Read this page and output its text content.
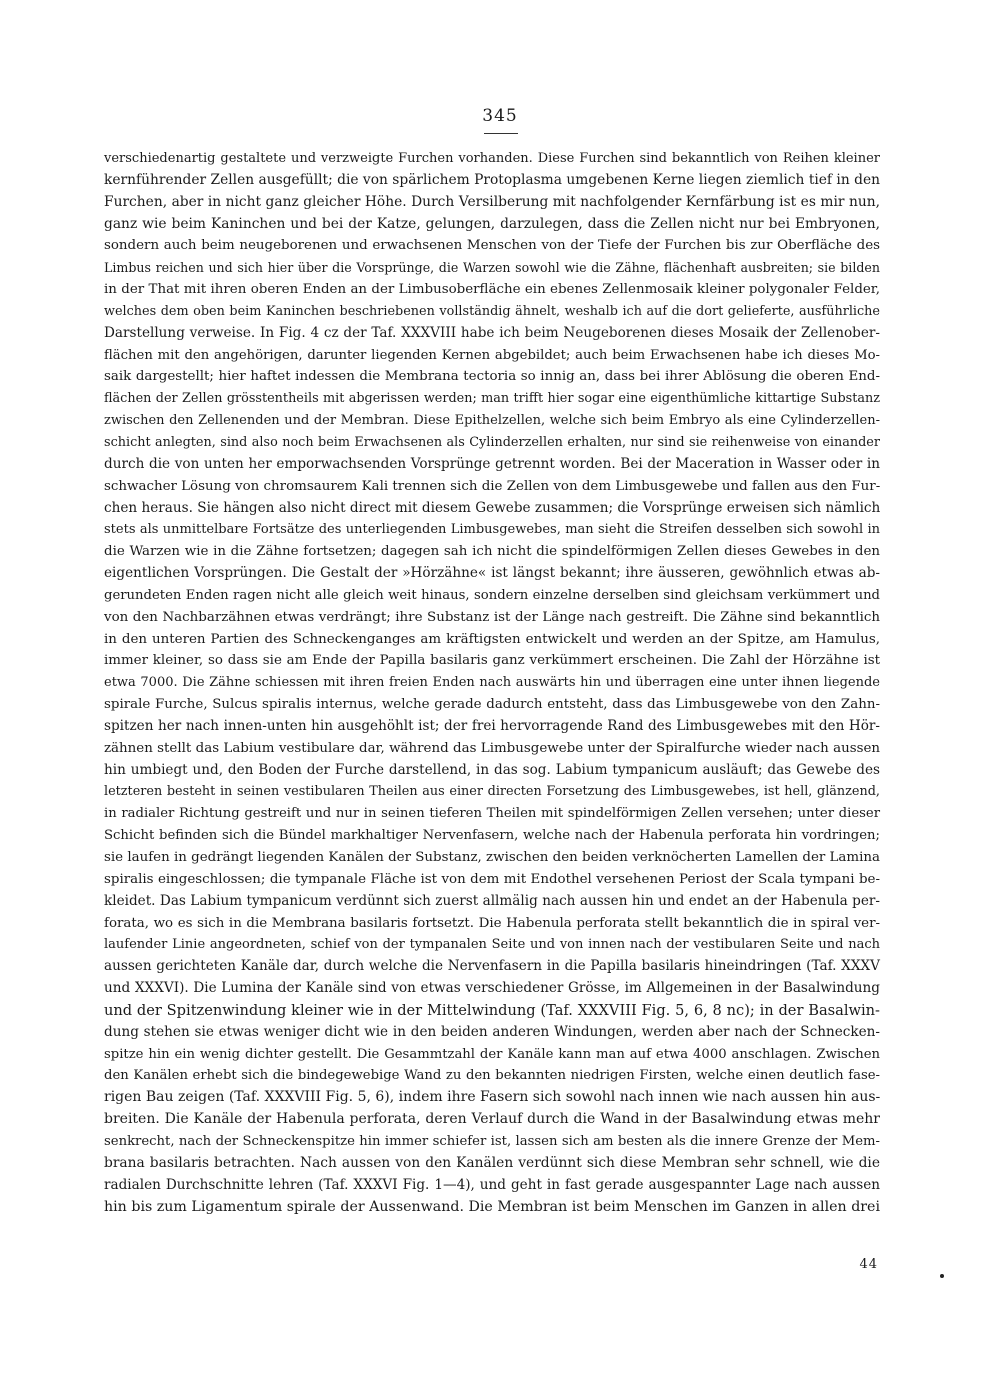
345
verschiedenartig gestaltete und verzweigte Furchen vorhanden. Diese Furchen sind bekanntlich von Reihen kleiner
kernführender Zellen ausgefüllt; die von spärlichem Protoplasma umgebenen Kerne liegen ziemlich tief in den
Furchen, aber in nicht ganz gleicher Höhe. Durch Versilberung mit nachfolgender Kernfärbung ist es mir nun,
ganz wie beim Kaninchen und bei der Katze, gelungen, darzulegen, dass die Zellen nicht nur bei Embryonen,
sondern auch beim neugeborenen und erwachsenen Menschen von der Tiefe der Furchen bis zur Oberfläche des
Limbus reichen und sich hier über die Vorsprünge, die Warzen sowohl wie die Zähne, flächenhaft ausbreiten; sie bilden
in der That mit ihren oberen Enden an der Limbusoberfläche ein ebenes Zellenmosaik kleiner polygonaler Felder,
welches dem oben beim Kaninchen beschriebenen vollständig ähnelt, weshalb ich auf die dort gelieferte, ausführliche
Darstellung verweise. In Fig. 4 cz der Taf. XXXVIII habe ich beim Neugeborenen dieses Mosaik der Zellenober-
flächen mit den angehörigen, darunter liegenden Kernen abgebildet; auch beim Erwachsenen habe ich dieses Mo-
saik dargestellt; hier haftet indessen die Membrana tectoria so innig an, dass bei ihrer Ablösung die oberen End-
flächen der Zellen grösstentheils mit abgerissen werden; man trifft hier sogar eine eigenthümliche kittartige Substanz
zwischen den Zellenenden und der Membran. Diese Epithelzellen, welche sich beim Embryo als eine Cylinderzellen-
schicht anlegten, sind also noch beim Erwachsenen als Cylinderzellen erhalten, nur sind sie reihenweise von einander
durch die von unten her emporwachsenden Vorsprünge getrennt worden. Bei der Maceration in Wasser oder in
schwacher Lösung von chromsaurem Kali trennen sich die Zellen von dem Limbusgewebe und fallen aus den Fur-
chen heraus. Sie hängen also nicht direct mit diesem Gewebe zusammen; die Vorsprünge erweisen sich nämlich
stets als unmittelbare Fortsätze des unterliegenden Limbusgewebes, man sieht die Streifen desselben sich sowohl in
die Warzen wie in die Zähne fortsetzen; dagegen sah ich nicht die spindelförmigen Zellen dieses Gewebes in den
eigentlichen Vorsprüngen. Die Gestalt der »Hörzähne« ist längst bekannt; ihre äusseren, gewöhnlich etwas ab-
gerundeten Enden ragen nicht alle gleich weit hinaus, sondern einzelne derselben sind gleichsam verkümmert und
von den Nachbarzähnen etwas verdrängt; ihre Substanz ist der Länge nach gestreift. Die Zähne sind bekanntlich
in den unteren Partien des Schneckenganges am kräftigsten entwickelt und werden an der Spitze, am Hamulus,
immer kleiner, so dass sie am Ende der Papilla basilaris ganz verkümmert erscheinen. Die Zahl der Hörzähne ist
etwa 7000. Die Zähne schiessen mit ihren freien Enden nach auswärts hin und überragen eine unter ihnen liegende
spirale Furche, Sulcus spiralis internus, welche gerade dadurch entsteht, dass das Limbusgewebe von den Zahn-
spitzen her nach innen-unten hin ausgehöhlt ist; der frei hervorragende Rand des Limbusgewebes mit den Hör-
zähnen stellt das Labium vestibulare dar, während das Limbusgewebe unter der Spiralfurche wieder nach aussen
hin umbiegt und, den Boden der Furche darstellend, in das sog. Labium tympanicum ausläuft; das Gewebe des
letzteren besteht in seinen vestibularen Theilen aus einer directen Forsetzung des Limbusgewebes, ist hell, glänzend,
in radialer Richtung gestreift und nur in seinen tieferen Theilen mit spindelförmigen Zellen versehen; unter dieser
Schicht befinden sich die Bündel markhaltiger Nervenfasern, welche nach der Habenula perforata hin vordringen;
sie laufen in gedrängt liegenden Kanälen der Substanz, zwischen den beiden verknöcherten Lamellen der Lamina
spiralis eingeschlossen; die tympanale Fläche ist von dem mit Endothel versehenen Periost der Scala tympani be-
kleidet. Das Labium tympanicum verdünnt sich zuerst allmälig nach aussen hin und endet an der Habenula per-
forata, wo es sich in die Membrana basilaris fortsetzt. Die Habenula perforata stellt bekanntlich die in spiral ver-
laufender Linie angeordneten, schief von der tympanalen Seite und von innen nach der vestibularen Seite und nach
aussen gerichteten Kanäle dar, durch welche die Nervenfasern in die Papilla basilaris hineindringen (Taf. XXXV
und XXXVI). Die Lumina der Kanäle sind von etwas verschiedener Grösse, im Allgemeinen in der Basalwindung
und der Spitzenwindung kleiner wie in der Mittelwindung (Taf. XXXVIII Fig. 5, 6, 8 nc); in der Basalwin-
dung stehen sie etwas weniger dicht wie in den beiden anderen Windungen, werden aber nach der Schnecken-
spitze hin ein wenig dichter gestellt. Die Gesammtzahl der Kanäle kann man auf etwa 4000 anschlagen. Zwischen
den Kanälen erhebt sich die bindegewebige Wand zu den bekannten niedrigen Firsten, welche einen deutlich fase-
rigen Bau zeigen (Taf. XXXVIII Fig. 5, 6), indem ihre Fasern sich sowohl nach innen wie nach aussen hin aus-
breiten. Die Kanäle der Habenula perforata, deren Verlauf durch die Wand in der Basalwindung etwas mehr
senkrecht, nach der Schneckenspitze hin immer schiefer ist, lassen sich am besten als die innere Grenze der Mem-
brana basilaris betrachten. Nach aussen von den Kanälen verdünnt sich diese Membran sehr schnell, wie die
radialen Durchschnitte lehren (Taf. XXXVI Fig. 1—4), und geht in fast gerade ausgespannter Lage nach aussen
hin bis zum Ligamentum spirale der Aussenwand. Die Membran ist beim Menschen im Ganzen in allen drei
44
